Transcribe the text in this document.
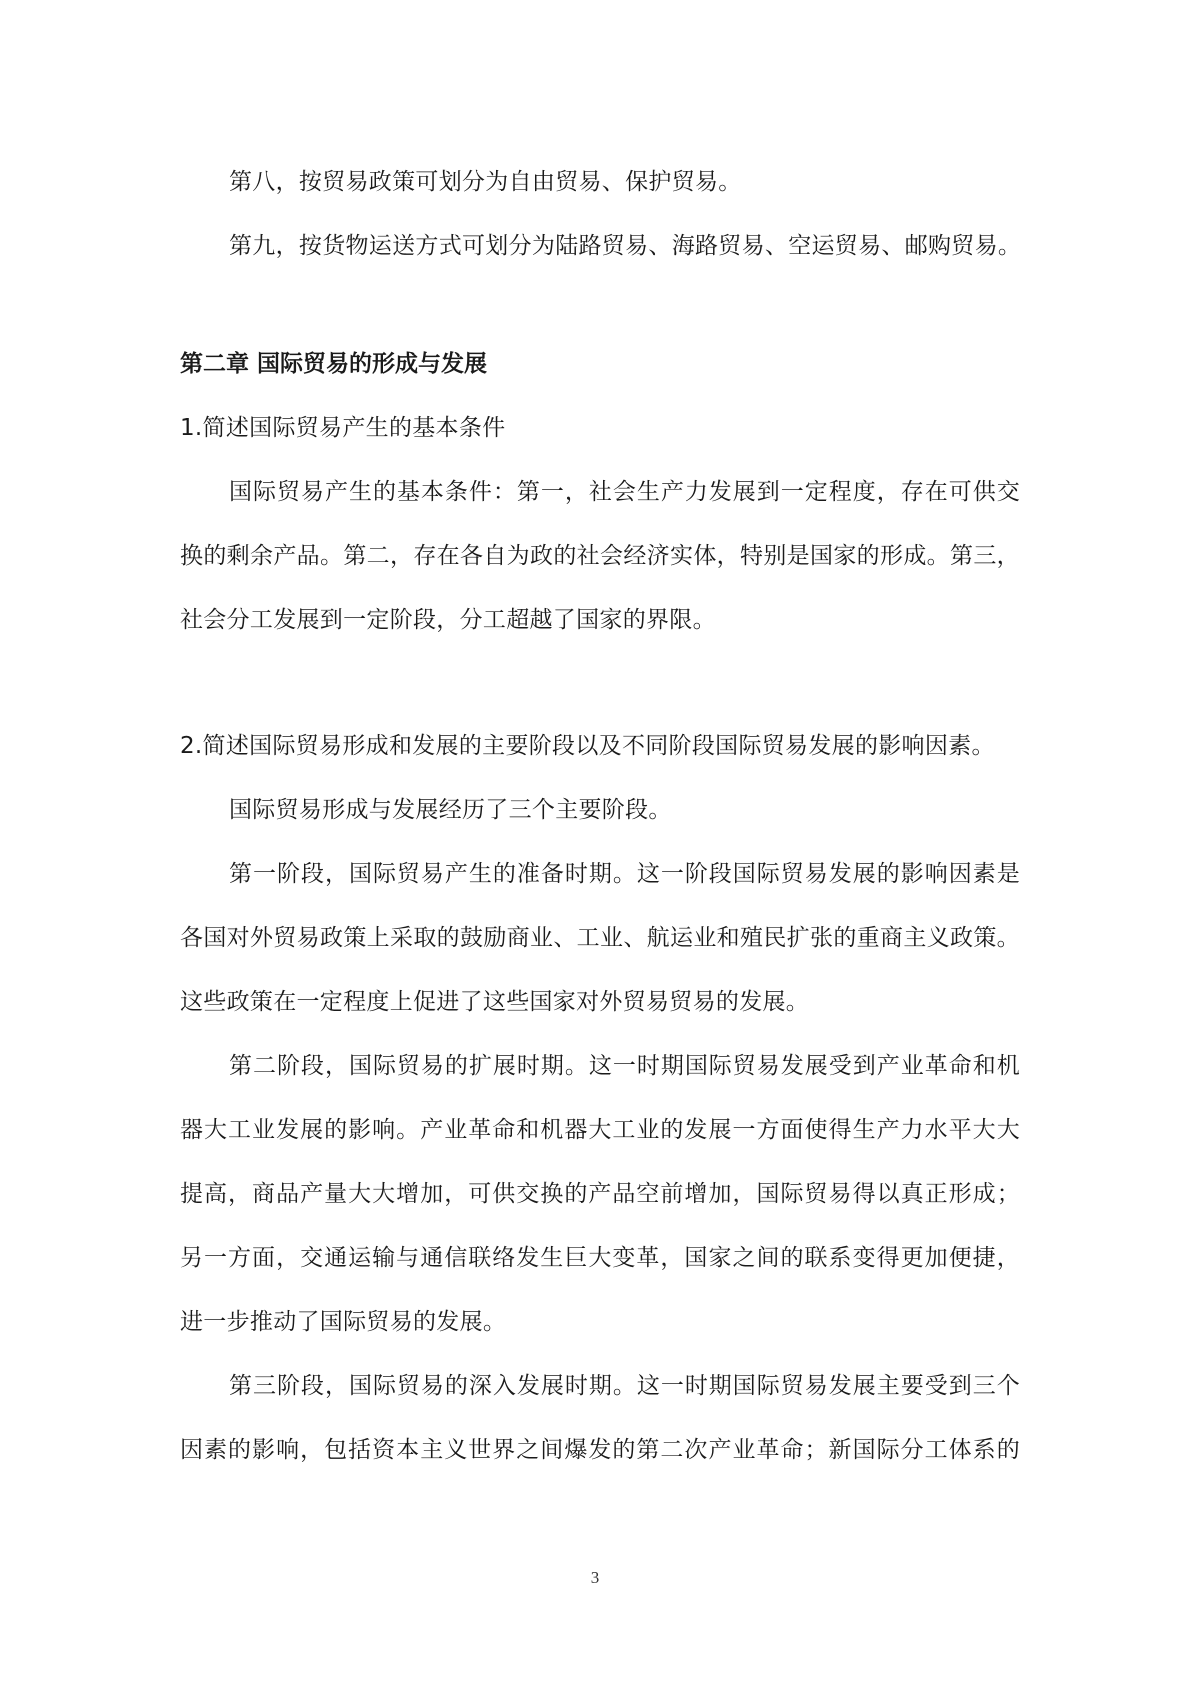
第八，按贸易政策可划分为自由贸易、保护贸易。
第九，按货物运送方式可划分为陆路贸易、海路贸易、空运贸易、邮购贸易。
第二章 国际贸易的形成与发展
1.简述国际贸易产生的基本条件
国际贸易产生的基本条件：第一，社会生产力发展到一定程度，存在可供交
换的剩余产品。第二，存在各自为政的社会经济实体，特别是国家的形成。第三，
社会分工发展到一定阶段，分工超越了国家的界限。
2.简述国际贸易形成和发展的主要阶段以及不同阶段国际贸易发展的影响因素。
国际贸易形成与发展经历了三个主要阶段。
第一阶段，国际贸易产生的准备时期。这一阶段国际贸易发展的影响因素是
各国对外贸易政策上采取的鼓励商业、工业、航运业和殖民扩张的重商主义政策。
这些政策在一定程度上促进了这些国家对外贸易贸易的发展。
第二阶段，国际贸易的扩展时期。这一时期国际贸易发展受到产业革命和机
器大工业发展的影响。产业革命和机器大工业的发展一方面使得生产力水平大大
提高，商品产量大大增加，可供交换的产品空前增加，国际贸易得以真正形成；
另一方面，交通运输与通信联络发生巨大变革，国家之间的联系变得更加便捷，
进一步推动了国际贸易的发展。
第三阶段，国际贸易的深入发展时期。这一时期国际贸易发展主要受到三个
因素的影响，包括资本主义世界之间爆发的第二次产业革命；新国际分工体系的
3
